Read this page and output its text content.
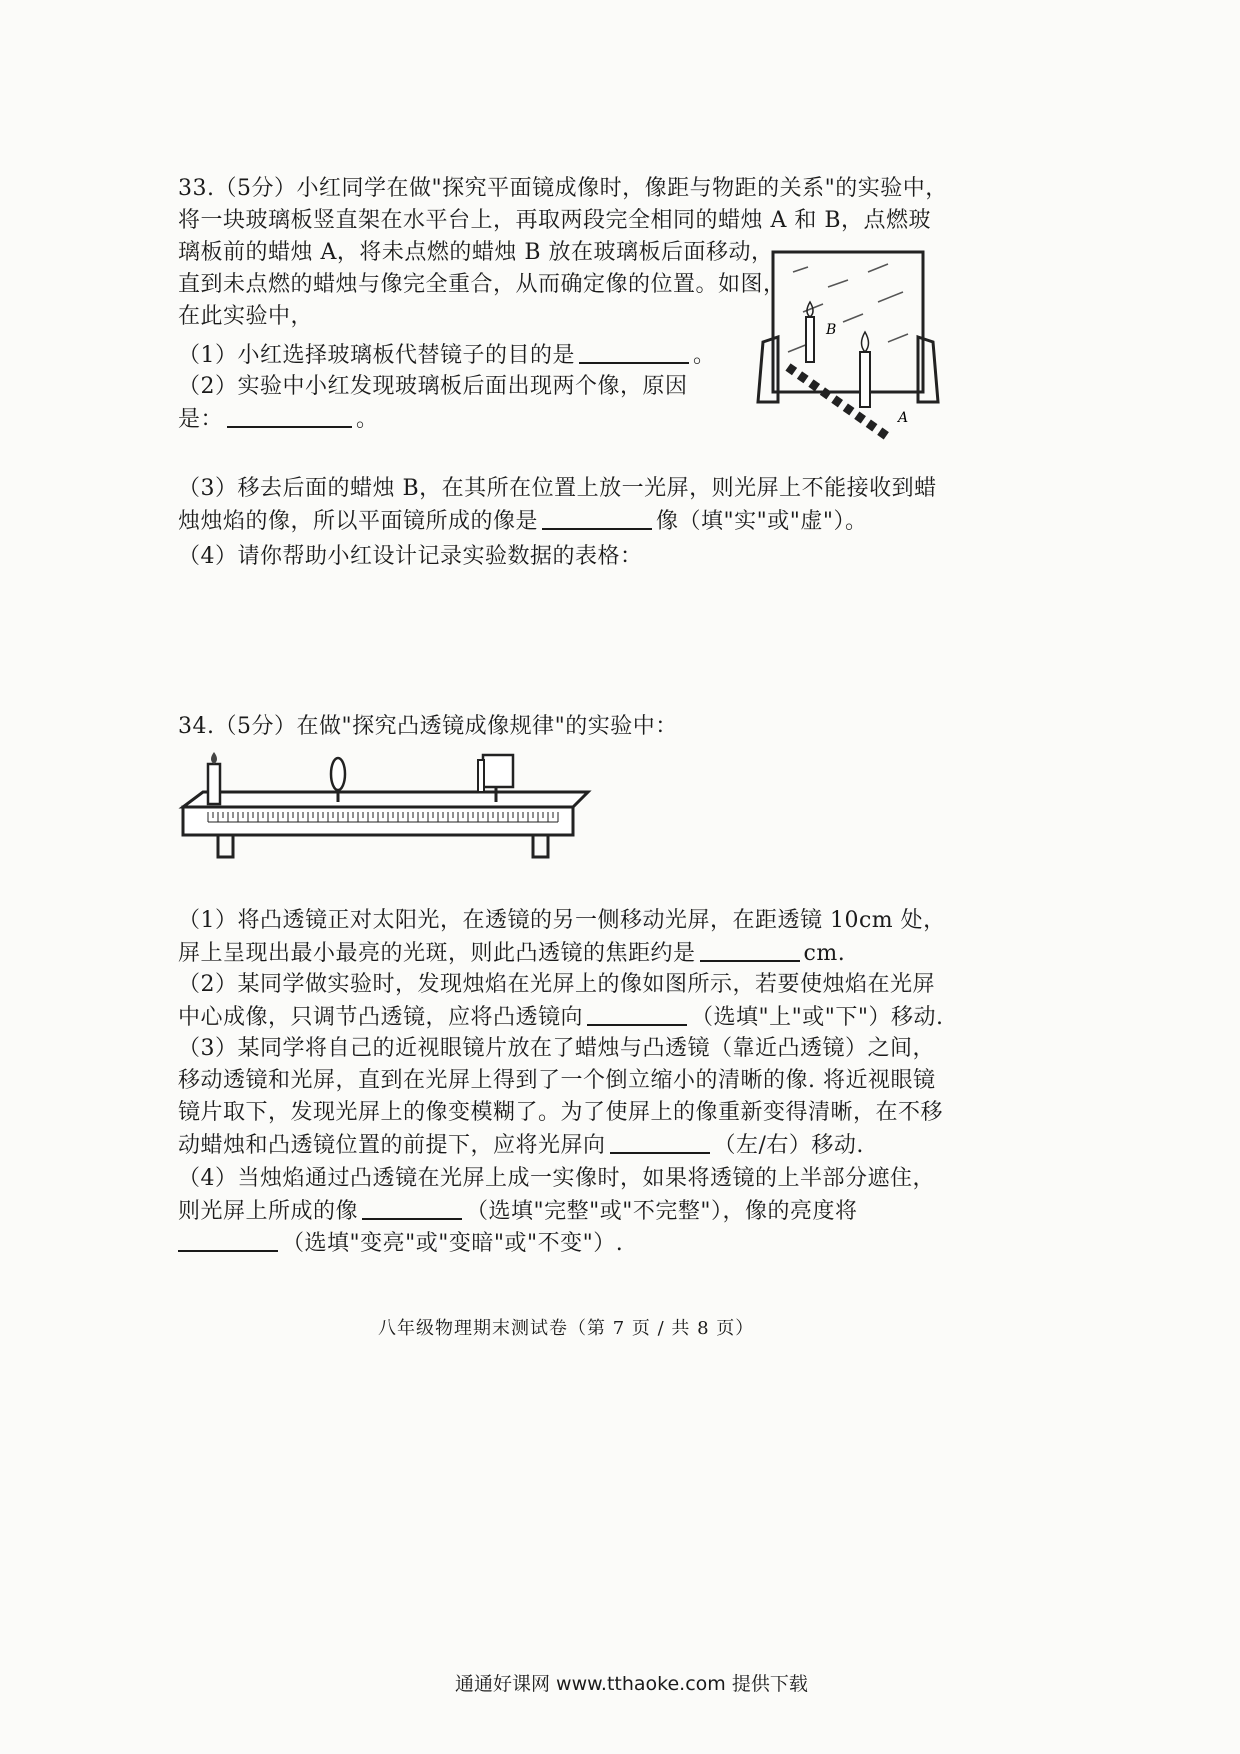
33.（5分）小红同学在做"探究平面镜成像时，像距与物距的关系"的实验中，
将一块玻璃板竖直架在水平台上，再取两段完全相同的蜡烛 A 和 B，点燃玻
璃板前的蜡烛 A，将未点燃的蜡烛 B 放在玻璃板后面移动，
直到未点燃的蜡烛与像完全重合，从而确定像的位置。如图，
在此实验中，
（1）小红选择玻璃板代替镜子的目的是	。
（2）实验中小红发现玻璃板后面出现两个像，原因
是：	。
B
A
（3）移去后面的蜡烛 B，在其所在位置上放一光屏，则光屏上不能接收到蜡
烛烛焰的像，所以平面镜所成的像是	像（填"实"或"虚"）。
（4）请你帮助小红设计记录实验数据的表格：
34.（5分）在做"探究凸透镜成像规律"的实验中：
（1）将凸透镜正对太阳光，在透镜的另一侧移动光屏，在距透镜 10cm 处，
屏上呈现出最小最亮的光斑，则此凸透镜的焦距约是	cm.
（2）某同学做实验时，发现烛焰在光屏上的像如图所示，若要使烛焰在光屏
中心成像，只调节凸透镜，应将凸透镜向	（选填"上"或"下"）移动.
（3）某同学将自己的近视眼镜片放在了蜡烛与凸透镜（靠近凸透镜）之间，
移动透镜和光屏，直到在光屏上得到了一个倒立缩小的清晰的像. 将近视眼镜
镜片取下，发现光屏上的像变模糊了。为了使屏上的像重新变得清晰，在不移
动蜡烛和凸透镜位置的前提下，应将光屏向	（左/右）移动.
（4）当烛焰通过凸透镜在光屏上成一实像时，如果将透镜的上半部分遮住，
则光屏上所成的像	（选填"完整"或"不完整"），像的亮度将
（选填"变亮"或"变暗"或"不变"）.
八年级物理期末测试卷（第 7 页 / 共 8 页）
通通好课网 www.tthaoke.com 提供下载
